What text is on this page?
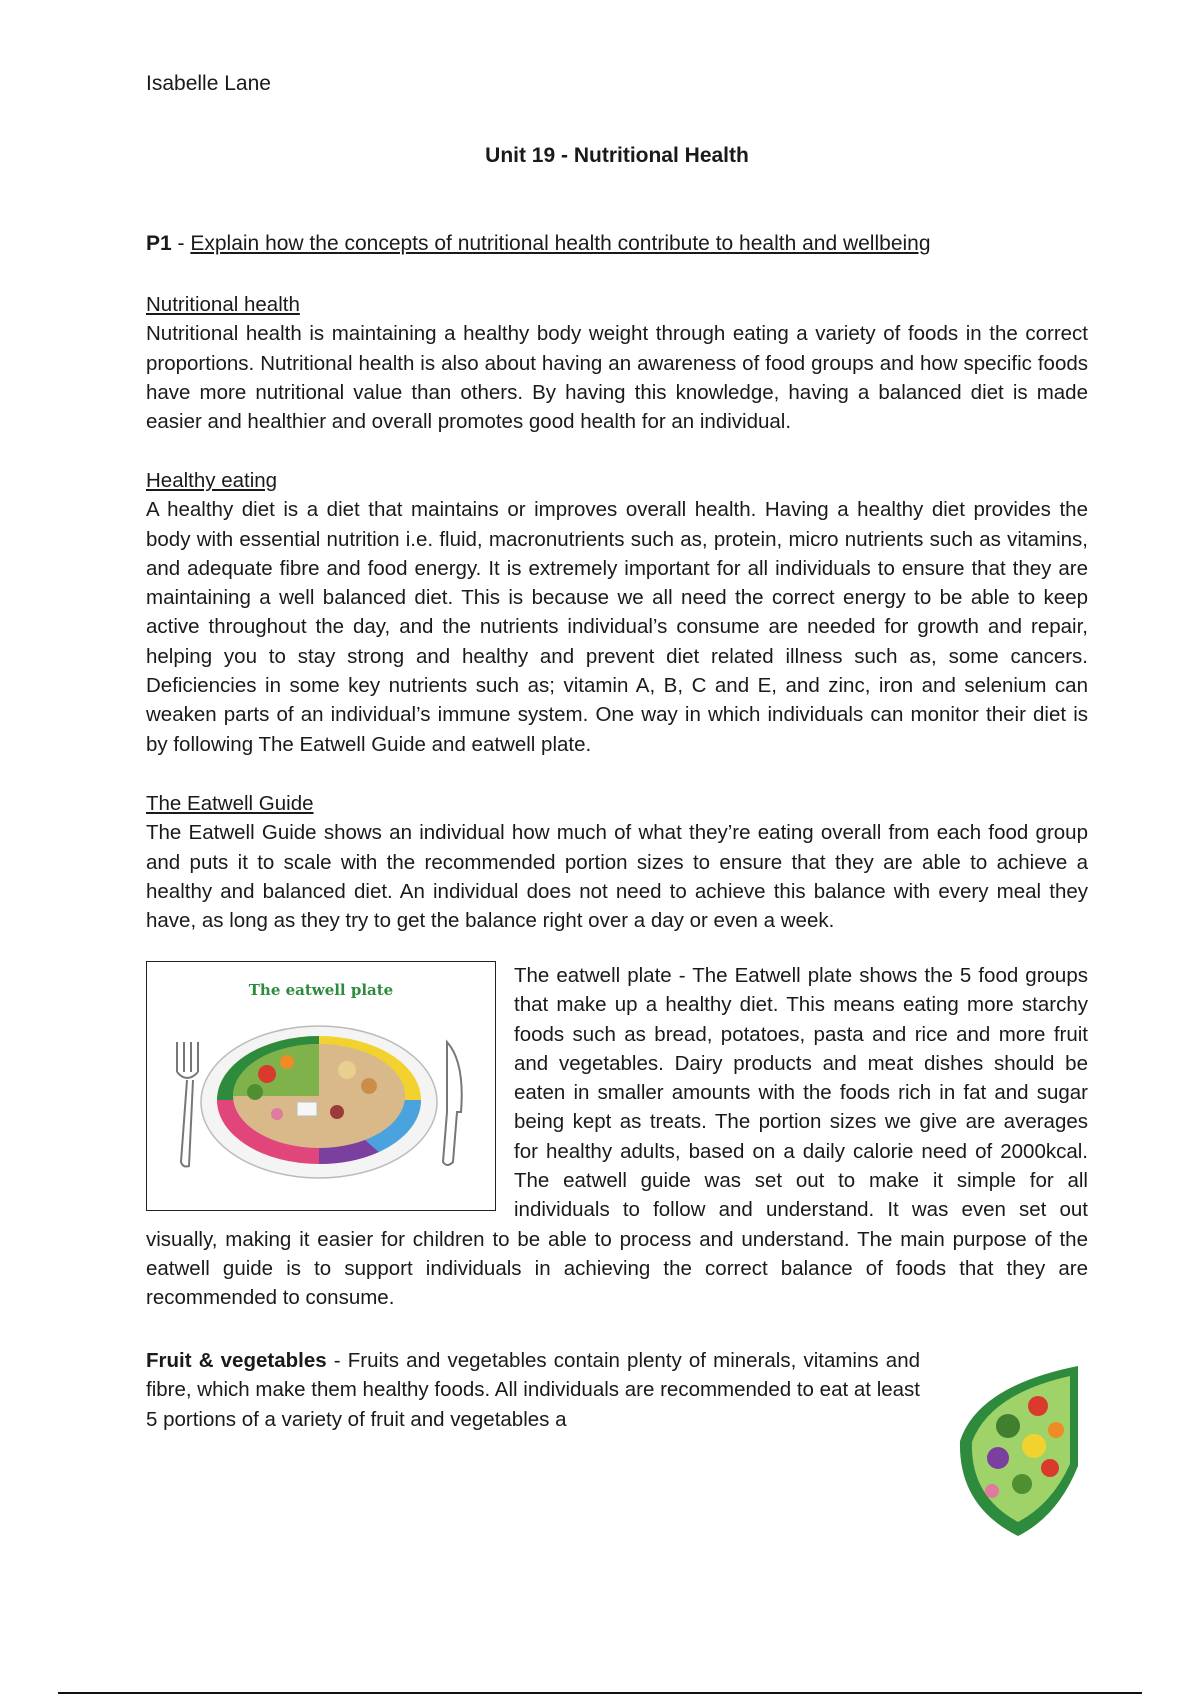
Isabelle Lane
Unit 19 - Nutritional Health
P1 - Explain how the concepts of nutritional health contribute to health and wellbeing
Nutritional health
Nutritional health is maintaining a healthy body weight through eating a variety of foods in the correct proportions. Nutritional health is also about having an awareness of food groups and how specific foods have more nutritional value than others. By having this knowledge, having a balanced diet is made easier and healthier and overall promotes good health for an individual.
Healthy eating
A healthy diet is a diet that maintains or improves overall health. Having a healthy diet provides the body with essential nutrition i.e. fluid, macronutrients such as, protein, micro nutrients such as vitamins, and adequate fibre and food energy. It is extremely important for all individuals to ensure that they are maintaining a well balanced diet. This is because we all need the correct energy to be able to keep active throughout the day, and the nutrients individual’s consume are needed for growth and repair, helping you to stay strong and healthy and prevent diet related illness such as, some cancers. Deficiencies in some key nutrients such as; vitamin A, B, C and E, and zinc, iron and selenium can weaken parts of an individual’s immune system. One way in which individuals can monitor their diet is by following The Eatwell Guide and eatwell plate.
The Eatwell Guide
The Eatwell Guide shows an individual how much of what they’re eating overall from each food group and puts it to scale with the recommended portion sizes to ensure that they are able to achieve a healthy and balanced diet. An individual does not need to achieve this balance with every meal they have, as long as they try to get the balance right over a day or even a week.
The eatwell plate
The eatwell plate - The Eatwell plate shows the 5 food groups that make up a healthy diet. This means eating more starchy foods such as bread, potatoes, pasta and rice and more fruit and vegetables. Dairy products and meat dishes should be eaten in smaller amounts with the foods rich in fat and sugar being kept as treats. The portion sizes we give are averages for healthy adults, based on a daily calorie need of 2000kcal. The eatwell guide was set out to make it simple for all individuals to follow and understand. It was even set out visually, making it easier for children to be able to process and understand. The main purpose of the eatwell guide is to support individuals in achieving the correct balance of foods that they are recommended to consume.
Fruit & vegetables - Fruits and vegetables contain plenty of minerals, vitamins and fibre, which make them healthy foods. All individuals are recommended to eat at least 5 portions of a variety of fruit and vegetables a
